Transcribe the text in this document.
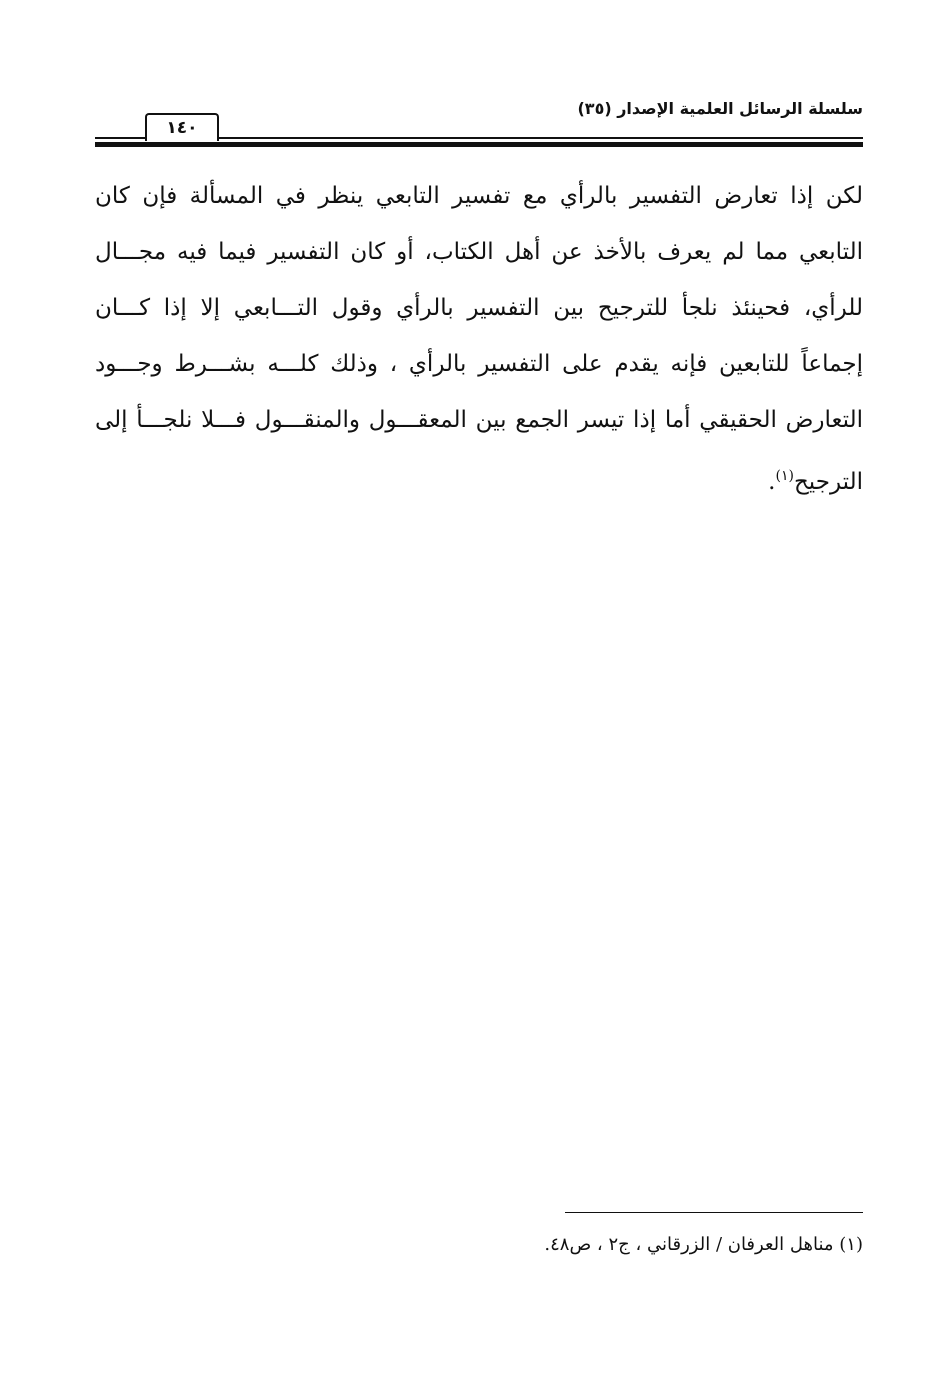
سلسلة الرسائل العلمية الإصدار (٣٥)
١٤٠
لكن إذا تعارض التفسير بالرأي مع تفسير التابعي ينظر في المسألة فإن كان
التابعي مما لم يعرف بالأخذ عن أهل الكتاب، أو كان التفسير فيما فيه مجـــال
للرأي، فحينئذ نلجأ للترجيح بين التفسير بالرأي وقول التـــابعي إلا إذا كـــان
إجماعاً للتابعين فإنه يقدم على التفسير بالرأي ، وذلك كلـــه بشـــرط وجـــود
التعارض الحقيقي أما إذا تيسر الجمع بين المعقـــول والمنقـــول فـــلا نلجـــأ إلى
الترجيح$^{(١)}$.
(١) مناهل العرفان / الزرقاني ، ج٢ ، ص٤٨.
